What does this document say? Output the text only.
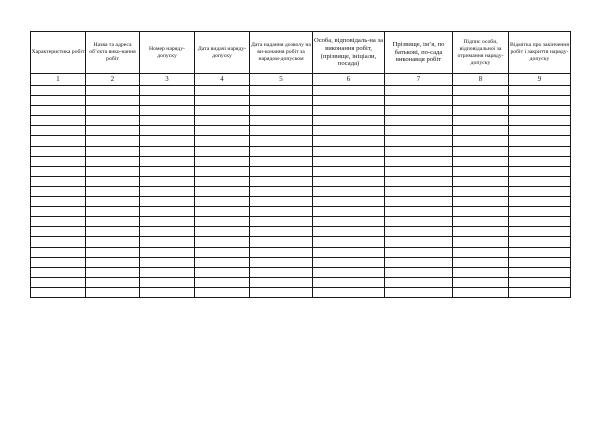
Характеристика робіт	Назва та адреса об’єкта вико-нання робіт	Номер наряду-допуску	Дата видачі наряду-допуску	Дата надання дозволу на ви-конання робіт за нарядом-допуском	Особа, відповідаль-на за виконання робіт, (прізвище, ініціали, посада)	Прізвище, ім’я, по батькові, по-сада виконавця робіт	Підпис особи, відповідальної за отримання наряду-допуску	Відмітка про закінчення робіт і закриття наряду-допуску
1	2	3	4	5	6	7	8	9
